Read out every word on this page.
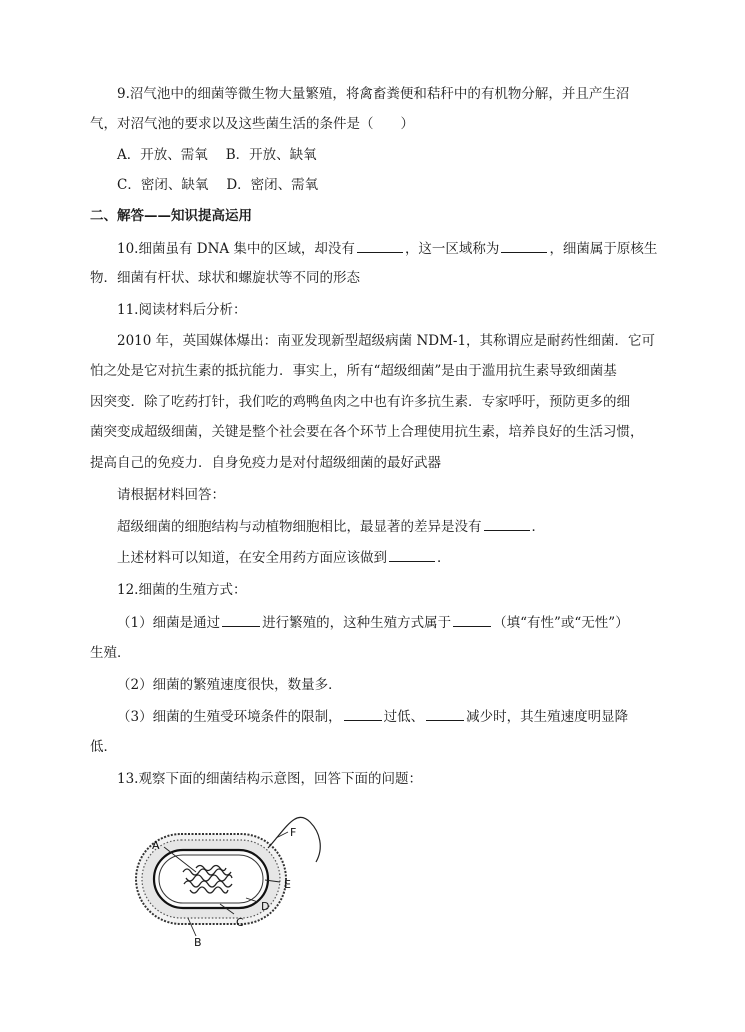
9.沼气池中的细菌等微生物大量繁殖，将禽畜粪便和秸秆中的有机物分解，并且产生沼
气，对沼气池的要求以及这些菌生活的条件是（　　）
A．开放、需氧 B．开放、缺氧
C．密闭、缺氧 D．密闭、需氧
二、解答——知识提高运用
10.细菌虽有 DNA 集中的区域，却没有	，这一区域称为	，细菌属于原核生
物．细菌有杆状、球状和螺旋状等不同的形态
11.阅读材料后分析：
2010 年，英国媒体爆出：南亚发现新型超级病菌 NDM-1，其称谓应是耐药性细菌．它可
怕之处是它对抗生素的抵抗能力．事实上，所有“超级细菌”是由于滥用抗生素导致细菌基
因突变．除了吃药打针，我们吃的鸡鸭鱼肉之中也有许多抗生素．专家呼吁，预防更多的细
菌突变成超级细菌，关键是整个社会要在各个环节上合理使用抗生素，培养良好的生活习惯，
提高自己的免疫力．自身免疫力是对付超级细菌的最好武器
请根据材料回答：
超级细菌的细胞结构与动植物细胞相比，最显著的差异是没有	．
上述材料可以知道，在安全用药方面应该做到	．
12.细菌的生殖方式：
（1）细菌是通过	进行繁殖的，这种生殖方式属于	（填“有性”或“无性”）
生殖．
（2）细菌的繁殖速度很快，数量多．
（3）细菌的生殖受环境条件的限制，	过低、	减少时，其生殖速度明显降
低．
13.观察下面的细菌结构示意图，回答下面的问题：
A
B
C
D
E
F
